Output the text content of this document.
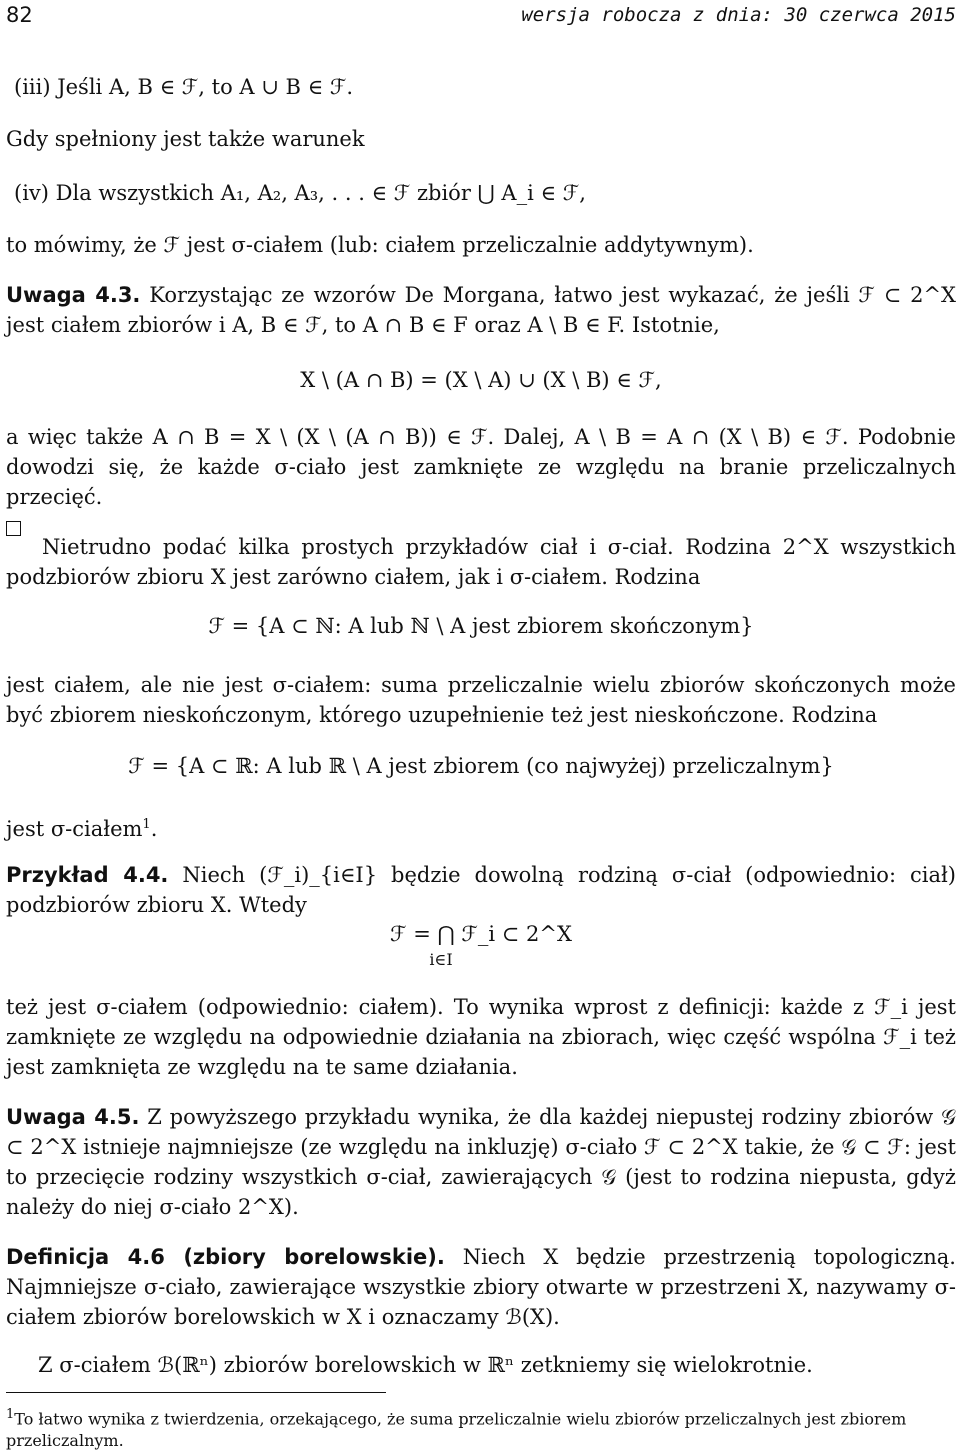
82	wersja robocza z dnia: 30 czerwca 2015
(iii) Jeśli A, B ∈ ℱ, to A ∪ B ∈ ℱ.
Gdy spełniony jest także warunek
(iv) Dla wszystkich A₁, A₂, A₃, . . . ∈ ℱ zbiór ⋃ A_i ∈ ℱ,
to mówimy, że ℱ jest σ-ciałem (lub: ciałem przeliczalnie addytywnym).
Uwaga 4.3. Korzystając ze wzorów De Morgana, łatwo jest wykazać, że jeśli ℱ ⊂ 2^X jest ciałem zbiorów i A, B ∈ ℱ, to A ∩ B ∈ F oraz A \ B ∈ F. Istotnie,
X \ (A ∩ B) = (X \ A) ∪ (X \ B) ∈ ℱ,
a więc także A ∩ B = X \ (X \ (A ∩ B)) ∈ ℱ. Dalej, A \ B = A ∩ (X \ B) ∈ ℱ. Podobnie dowodzi się, że każde σ-ciało jest zamknięte ze względu na branie przeliczalnych przecięć.

Nietrudno podać kilka prostych przykładów ciał i σ-ciał. Rodzina 2^X wszystkich podzbiorów zbioru X jest zarówno ciałem, jak i σ-ciałem. Rodzina
ℱ = {A ⊂ ℕ: A lub ℕ \ A jest zbiorem skończonym}
jest ciałem, ale nie jest σ-ciałem: suma przeliczalnie wielu zbiorów skończonych może być zbiorem nieskończonym, którego uzupełnienie też jest nieskończone. Rodzina
ℱ = {A ⊂ ℝ: A lub ℝ \ A jest zbiorem (co najwyżej) przeliczalnym}
jest σ-ciałem$^1$.
Przykład 4.4. Niech (ℱ_i)_{i∈I} będzie dowolną rodziną σ-ciał (odpowiednio: ciał) podzbiorów zbioru X. Wtedy
ℱ = ⋂ ℱ_i ⊂ 2^X
i∈I
też jest σ-ciałem (odpowiednio: ciałem). To wynika wprost z definicji: każde z ℱ_i jest zamknięte ze względu na odpowiednie działania na zbiorach, więc część wspólna ℱ_i też jest zamknięta ze względu na te same działania.
Uwaga 4.5. Z powyższego przykładu wynika, że dla każdej niepustej rodziny zbiorów 𝒢 ⊂ 2^X istnieje najmniejsze (ze względu na inkluzję) σ-ciało ℱ ⊂ 2^X takie, że 𝒢 ⊂ ℱ: jest to przecięcie rodziny wszystkich σ-ciał, zawierających 𝒢 (jest to rodzina niepusta, gdyż należy do niej σ-ciało 2^X).
Definicja 4.6 (zbiory borelowskie). Niech X będzie przestrzenią topologiczną. Najmniejsze σ-ciało, zawierające wszystkie zbiory otwarte w przestrzeni X, nazywamy σ-ciałem zbiorów borelowskich w X i oznaczamy ℬ(X).
Z σ-ciałem ℬ(ℝⁿ) zbiorów borelowskich w ℝⁿ zetkniemy się wielokrotnie.
$^1$To łatwo wynika z twierdzenia, orzekającego, że suma przeliczalnie wielu zbiorów przeliczalnych jest zbiorem przeliczalnym.
